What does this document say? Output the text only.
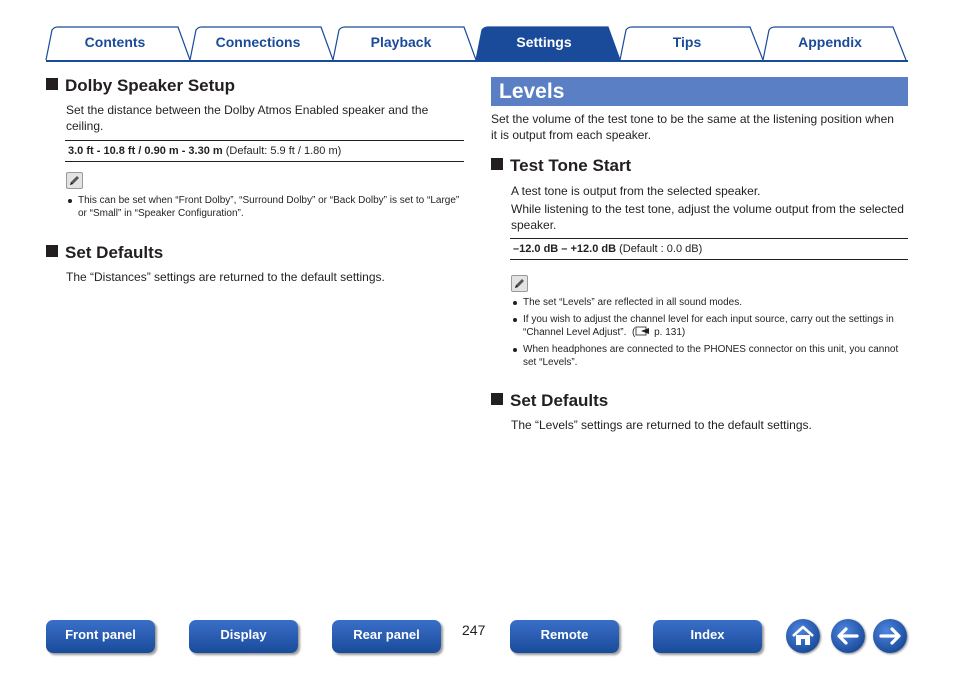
Contents	Connections	Playback	Settings	Tips	Appendix
Dolby Speaker Setup
Set the distance between the Dolby Atmos Enabled speaker and the ceiling.
3.0 ft - 10.8 ft / 0.90 m - 3.30 m (Default: 5.9 ft / 1.80 m)
This can be set when “Front Dolby”, “Surround Dolby” or “Back Dolby” is set to “Large” or “Small” in “Speaker Configuration”.
Set Defaults
The “Distances” settings are returned to the default settings.
Levels
Set the volume of the test tone to be the same at the listening position when it is output from each speaker.
Test Tone Start
A test tone is output from the selected speaker.
While listening to the test tone, adjust the volume output from the selected speaker.
–12.0 dB – +12.0 dB (Default : 0.0 dB)
The set “Levels” are reflected in all sound modes.
If you wish to adjust the channel level for each input source, carry out the settings in “Channel Level Adjust”. ( p. 131)
When headphones are connected to the PHONES connector on this unit, you cannot set “Levels”.
Set Defaults
The “Levels” settings are returned to the default settings.
Front panel	Display	Rear panel	247	Remote	Index
